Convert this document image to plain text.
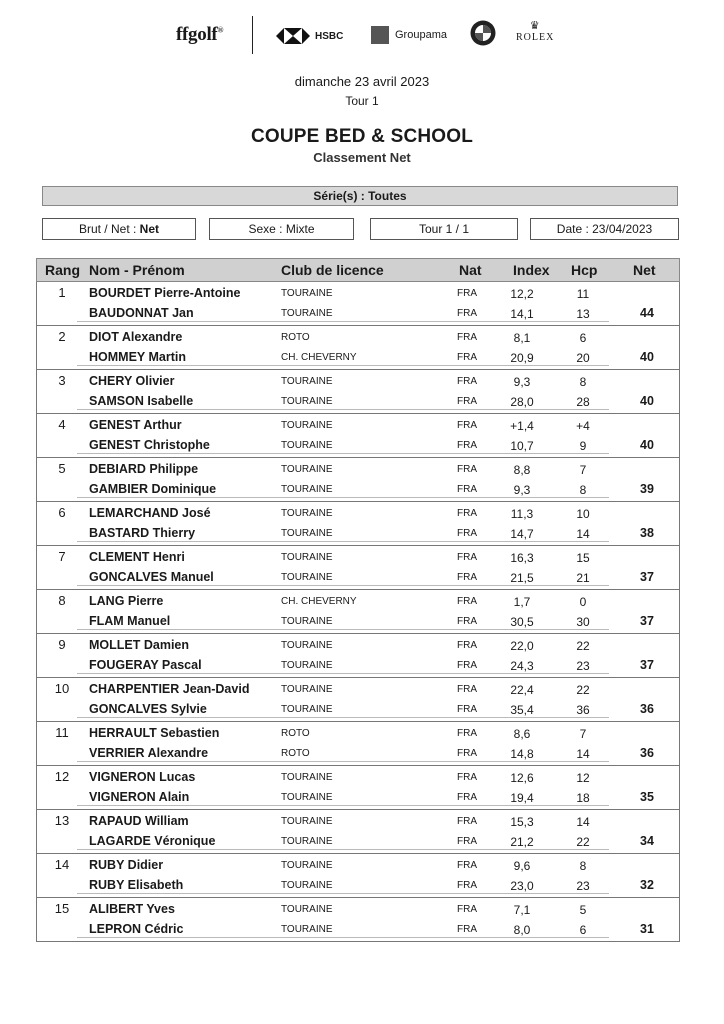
ffgolf®
HSBC	Groupama
♛
ROLEX
dimanche 23 avril 2023
Tour 1
COUPE BED & SCHOOL
Classement Net
Série(s) : Toutes
Brut / Net : Net	Sexe : Mixte	Tour 1 / 1	Date : 23/04/2023
Rang Nom - Prénom	Club de licence	Nat Index Hcp	Net
1	BOURDET Pierre-Antoine	TOURAINE	FRA	12,2	11
BAUDONNAT Jan	TOURAINE	FRA	14,1	13	44
2	DIOT Alexandre	ROTO	FRA	8,1	6
HOMMEY Martin	CH. CHEVERNY	FRA	20,9	20	40
3	CHERY Olivier	TOURAINE	FRA	9,3	8
SAMSON Isabelle	TOURAINE	FRA	28,0	28	40
4	GENEST Arthur	TOURAINE	FRA	+1,4	+4
GENEST Christophe	TOURAINE	FRA	10,7	9	40
5	DEBIARD Philippe	TOURAINE	FRA	8,8	7
GAMBIER Dominique	TOURAINE	FRA	9,3	8	39
6	LEMARCHAND José	TOURAINE	FRA	11,3	10
BASTARD Thierry	TOURAINE	FRA	14,7	14	38
7	CLEMENT Henri	TOURAINE	FRA	16,3	15
GONCALVES Manuel	TOURAINE	FRA	21,5	21	37
8	LANG Pierre	CH. CHEVERNY	FRA	1,7	0
FLAM Manuel	TOURAINE	FRA	30,5	30	37
9	MOLLET Damien	TOURAINE	FRA	22,0	22
FOUGERAY Pascal	TOURAINE	FRA	24,3	23	37
10	CHARPENTIER Jean-David	TOURAINE	FRA	22,4	22
GONCALVES Sylvie	TOURAINE	FRA	35,4	36	36
11	HERRAULT Sebastien	ROTO	FRA	8,6	7
VERRIER Alexandre	ROTO	FRA	14,8	14	36
12	VIGNERON Lucas	TOURAINE	FRA	12,6	12
VIGNERON Alain	TOURAINE	FRA	19,4	18	35
13	RAPAUD William	TOURAINE	FRA	15,3	14
LAGARDE Véronique	TOURAINE	FRA	21,2	22	34
14	RUBY Didier	TOURAINE	FRA	9,6	8
RUBY Elisabeth	TOURAINE	FRA	23,0	23	32
15	ALIBERT Yves	TOURAINE	FRA	7,1	5
LEPRON Cédric	TOURAINE	FRA	8,0	6	31
